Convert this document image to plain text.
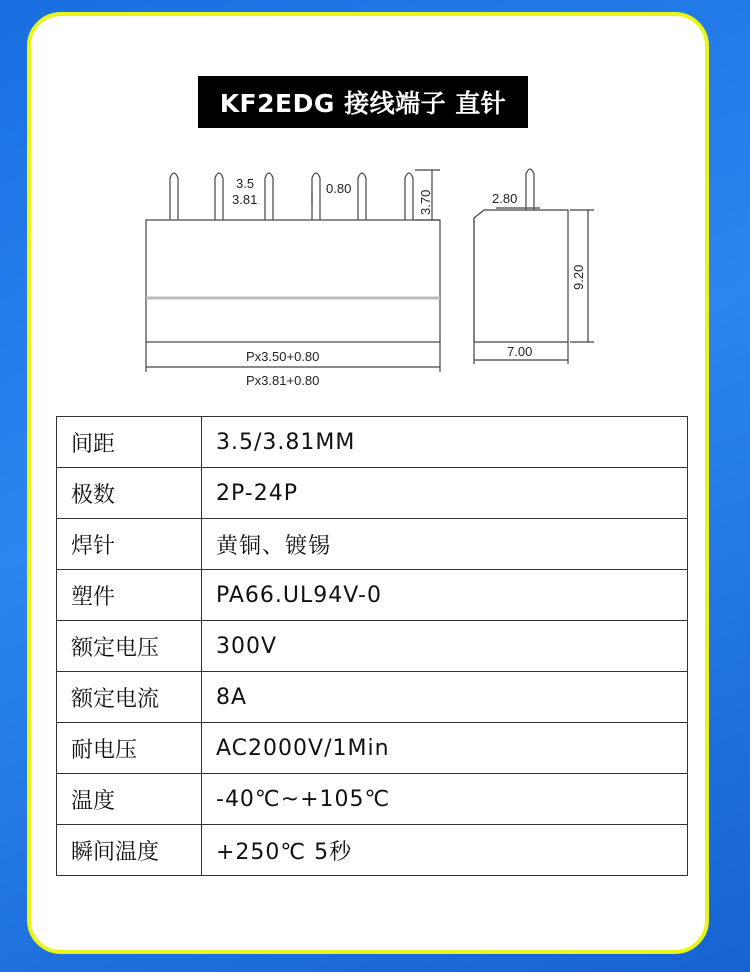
KF2EDG 接线端子 直针
3.5
3.81
0.80
3.70
Px3.50+0.80
Px3.81+0.80
2.80
9.20
7.00
间距	3.5/3.81MM
极数	2P-24P
焊针	黄铜、镀锡
塑件	PA66.UL94V-0
额定电压	300V
额定电流	8A
耐电压	AC2000V/1Min
温度	-40℃~+105℃
瞬间温度	+250℃ 5秒
